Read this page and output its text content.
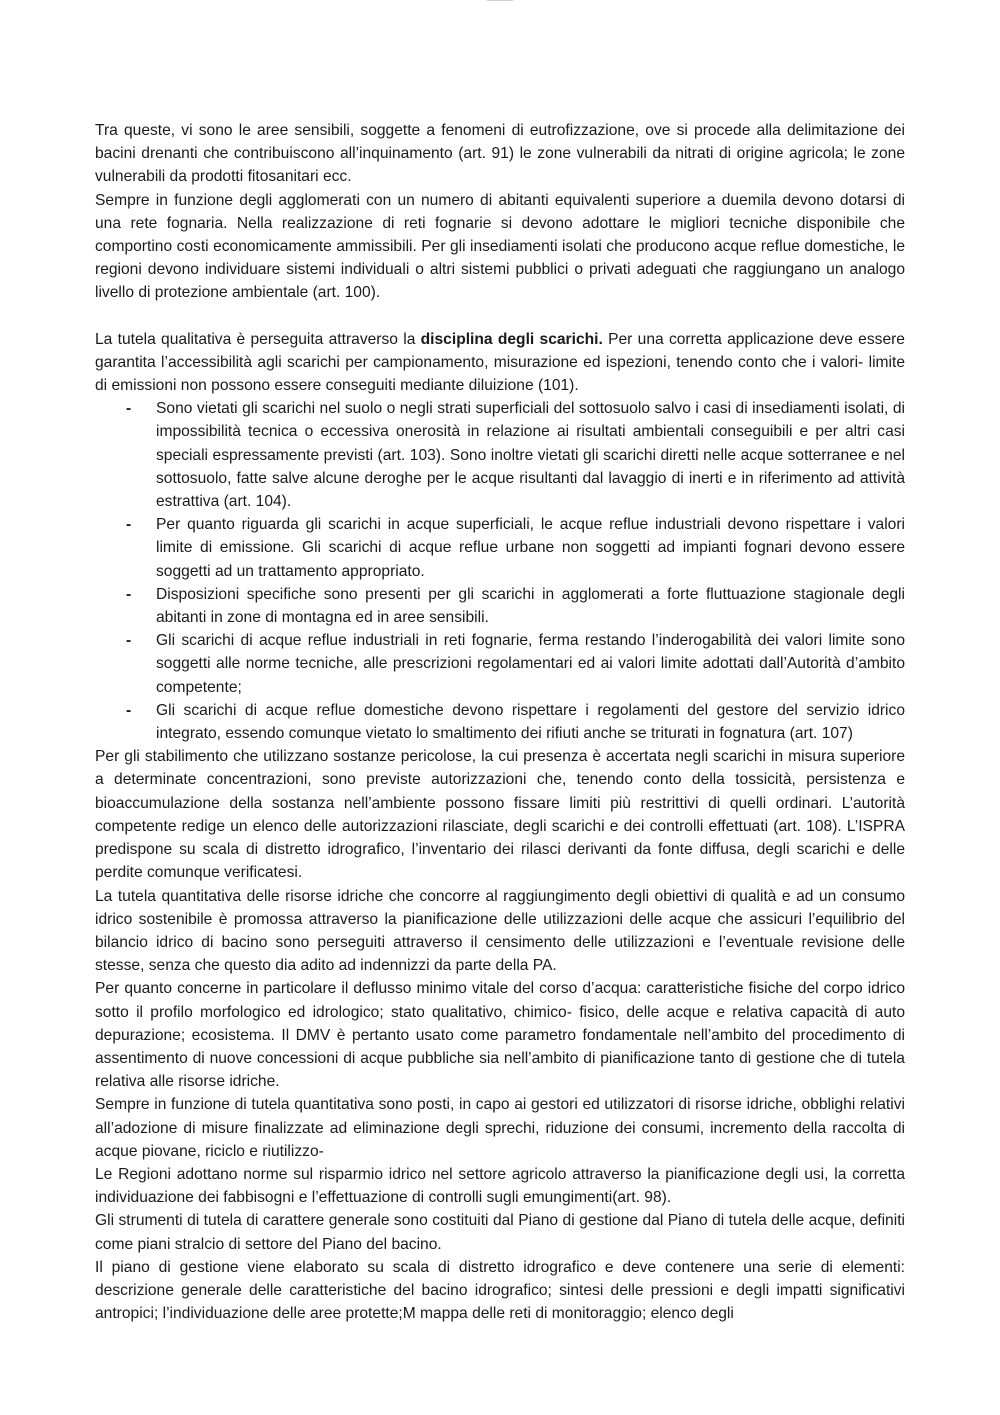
Tra queste, vi sono le aree sensibili, soggette a fenomeni di eutrofizzazione, ove si procede alla delimitazione dei bacini drenanti che contribuiscono all’inquinamento (art. 91) le zone vulnerabili da nitrati di origine agricola; le zone vulnerabili da prodotti fitosanitari ecc.

Sempre in funzione degli agglomerati con un numero di abitanti equivalenti superiore a duemila devono dotarsi di una rete fognaria. Nella realizzazione di reti fognarie si devono adottare le migliori tecniche disponibile che comportino costi economicamente ammissibili. Per gli insediamenti isolati che producono acque reflue domestiche, le regioni devono individuare sistemi individuali o altri sistemi pubblici o privati adeguati che raggiungano un analogo livello di protezione ambientale (art. 100).

La tutela qualitativa è perseguita attraverso la disciplina degli scarichi. Per una corretta applicazione deve essere garantita l’accessibilità agli scarichi per campionamento, misurazione ed ispezioni, tenendo conto che i valori- limite di emissioni non possono essere conseguiti mediante diluizione (101).

- Sono vietati gli scarichi nel suolo o negli strati superficiali del sottosuolo salvo i casi di insediamenti isolati, di impossibilità tecnica o eccessiva onerosità in relazione ai risultati ambientali conseguibili e per altri casi speciali espressamente previsti (art. 103). Sono inoltre vietati gli scarichi diretti nelle acque sotterranee e nel sottosuolo, fatte salve alcune deroghe per le acque risultanti dal lavaggio di inerti e in riferimento ad attività estrattiva (art. 104).
- Per quanto riguarda gli scarichi in acque superficiali, le acque reflue industriali devono rispettare i valori limite di emissione. Gli scarichi di acque reflue urbane non soggetti ad impianti fognari devono essere soggetti ad un trattamento appropriato.
- Disposizioni specifiche sono presenti per gli scarichi in agglomerati a forte fluttuazione stagionale degli abitanti in zone di montagna ed in aree sensibili.
- Gli scarichi di acque reflue industriali in reti fognarie, ferma restando l’inderogabilità dei valori limite sono soggetti alle norme tecniche, alle prescrizioni regolamentari ed ai valori limite adottati dall’Autorità d’ambito competente;
- Gli scarichi di acque reflue domestiche devono rispettare i regolamenti del gestore del servizio idrico integrato, essendo comunque vietato lo smaltimento dei rifiuti anche se triturati in fognatura (art. 107)

Per gli stabilimento che utilizzano sostanze pericolose, la cui presenza è accertata negli scarichi in misura superiore a determinate concentrazioni, sono previste autorizzazioni che, tenendo conto della tossicità, persistenza e bioaccumulazione della sostanza nell’ambiente possono fissare limiti più restrittivi di quelli ordinari. L’autorità competente redige un elenco delle autorizzazioni rilasciate, degli scarichi e dei controlli effettuati (art. 108). L’ISPRA predispone su scala di distretto idrografico, l’inventario dei rilasci derivanti da fonte diffusa, degli scarichi e delle perdite comunque verificatesi.

La tutela quantitativa delle risorse idriche che concorre al raggiungimento degli obiettivi di qualità e ad un consumo idrico sostenibile è promossa attraverso la pianificazione delle utilizzazioni delle acque che assicuri l’equilibrio del bilancio idrico di bacino sono perseguiti attraverso il censimento delle utilizzazioni e l’eventuale revisione delle stesse, senza che questo dia adito ad indennizzi da parte della PA.

Per quanto concerne in particolare il deflusso minimo vitale del corso d’acqua: caratteristiche fisiche del corpo idrico sotto il profilo morfologico ed idrologico; stato qualitativo, chimico- fisico, delle acque e relativa capacità di auto depurazione; ecosistema. Il DMV è pertanto usato come parametro fondamentale nell’ambito del procedimento di assentimento di nuove concessioni di acque pubbliche sia nell’ambito di pianificazione tanto di gestione che di tutela relativa alle risorse idriche.

Sempre in funzione di tutela quantitativa sono posti, in capo ai gestori ed utilizzatori di risorse idriche, obblighi relativi all’adozione di misure finalizzate ad eliminazione degli sprechi, riduzione dei consumi, incremento della raccolta di acque piovane, riciclo e riutilizzo-

Le Regioni adottano norme sul risparmio idrico nel settore agricolo attraverso la pianificazione degli usi, la corretta individuazione dei fabbisogni e l’effettuazione di controlli sugli emungimenti(art. 98).

Gli strumenti di tutela di carattere generale sono costituiti dal Piano di gestione dal Piano di tutela delle acque, definiti come piani stralcio di settore del Piano del bacino.

Il piano di gestione viene elaborato su scala di distretto idrografico e deve contenere una serie di elementi: descrizione generale delle caratteristiche del bacino idrografico; sintesi delle pressioni e degli impatti significativi antropici; l’individuazione delle aree protette;M mappa delle reti di monitoraggio; elenco degli
